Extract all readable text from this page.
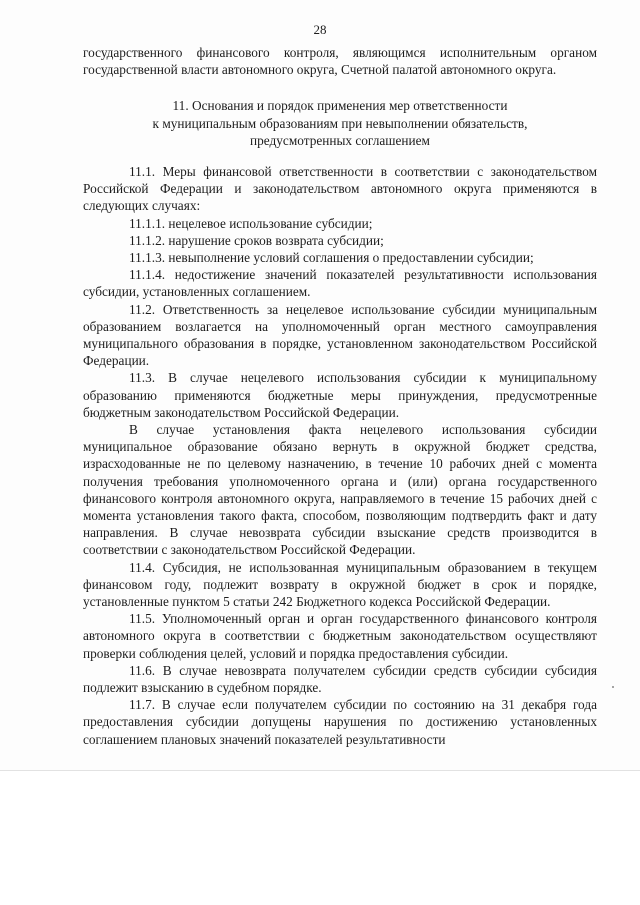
28

государственного финансового контроля, являющимся исполнительным органом государственной власти автономного округа, Счетной палатой автономного округа.

11. Основания и порядок применения мер ответственности
к муниципальным образованиям при невыполнении обязательств,
предусмотренных соглашением

11.1. Меры финансовой ответственности в соответствии с законодательством Российской Федерации и законодательством автономного округа применяются в следующих случаях:

11.1.1. нецелевое использование субсидии;

11.1.2. нарушение сроков возврата субсидии;

11.1.3. невыполнение условий соглашения о предоставлении субсидии;

11.1.4. недостижение значений показателей результативности использования субсидии, установленных соглашением.

11.2. Ответственность за нецелевое использование субсидии муниципальным образованием возлагается на уполномоченный орган местного самоуправления муниципального образования в порядке, установленном законодательством Российской Федерации.

11.3. В случае нецелевого использования субсидии к муниципальному образованию применяются бюджетные меры принуждения, предусмотренные бюджетным законодательством Российской Федерации.

В случае установления факта нецелевого использования субсидии муниципальное образование обязано вернуть в окружной бюджет средства, израсходованные не по целевому назначению, в течение 10 рабочих дней с момента получения требования уполномоченного органа и (или) органа государственного финансового контроля автономного округа, направляемого в течение 15 рабочих дней с момента установления такого факта, способом, позволяющим подтвердить факт и дату направления. В случае невозврата субсидии взыскание средств производится в соответствии с законодательством Российской Федерации.

11.4. Субсидия, не использованная муниципальным образованием в текущем финансовом году, подлежит возврату в окружной бюджет в срок и порядке, установленные пунктом 5 статьи 242 Бюджетного кодекса Российской Федерации.

11.5. Уполномоченный орган и орган государственного финансового контроля автономного округа в соответствии с бюджетным законодательством осуществляют проверки соблюдения целей, условий и порядка предоставления субсидии.

11.6. В случае невозврата получателем субсидии средств субсидии субсидия подлежит взысканию в судебном порядке.

11.7. В случае если получателем субсидии по состоянию на 31 декабря года предоставления субсидии допущены нарушения по достижению установленных соглашением плановых значений показателей результативности
